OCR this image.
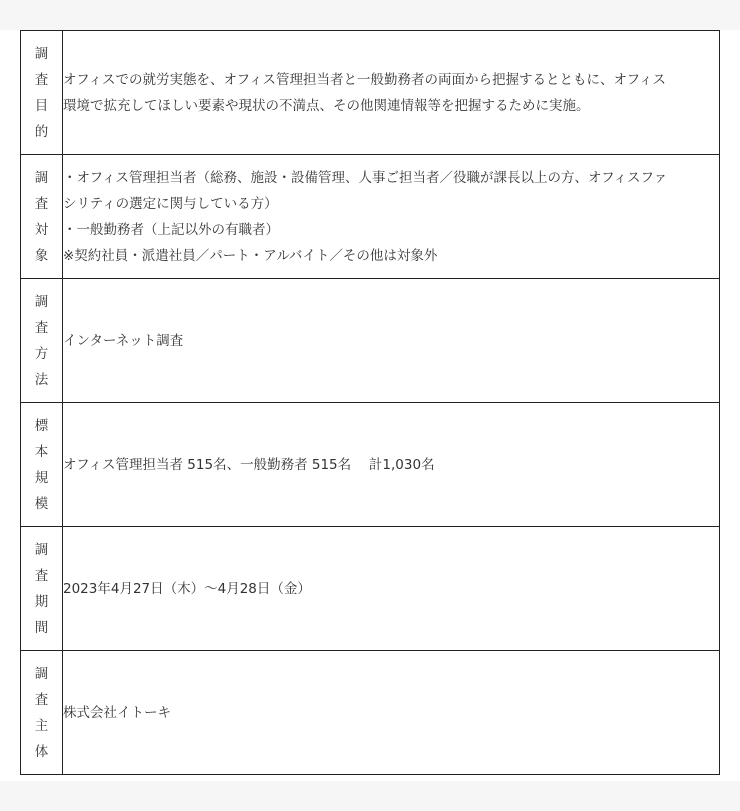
調
査
目
的	オフィスでの就労実態を、オフィス管理担当者と一般勤務者の両面から把握するとともに、オフィス
環境で拡充してほしい要素や現状の不満点、その他関連情報等を把握するために実施。

調
査
対
象	・オフィス管理担当者（総務、施設・設備管理、人事ご担当者／役職が課長以上の方、オフィスファ
シリティの選定に関与している方）
・一般勤務者（上記以外の有職者）
※契約社員・派遣社員／パート・アルバイト／その他は対象外

調
査
方
法	インターネット調査

標
本
規
模	オフィス管理担当者 515名、一般勤務者 515名　 計1,030名

調
査
期
間	2023年4月27日（木）～4月28日（金）

調
査
主
体	株式会社イトーキ
